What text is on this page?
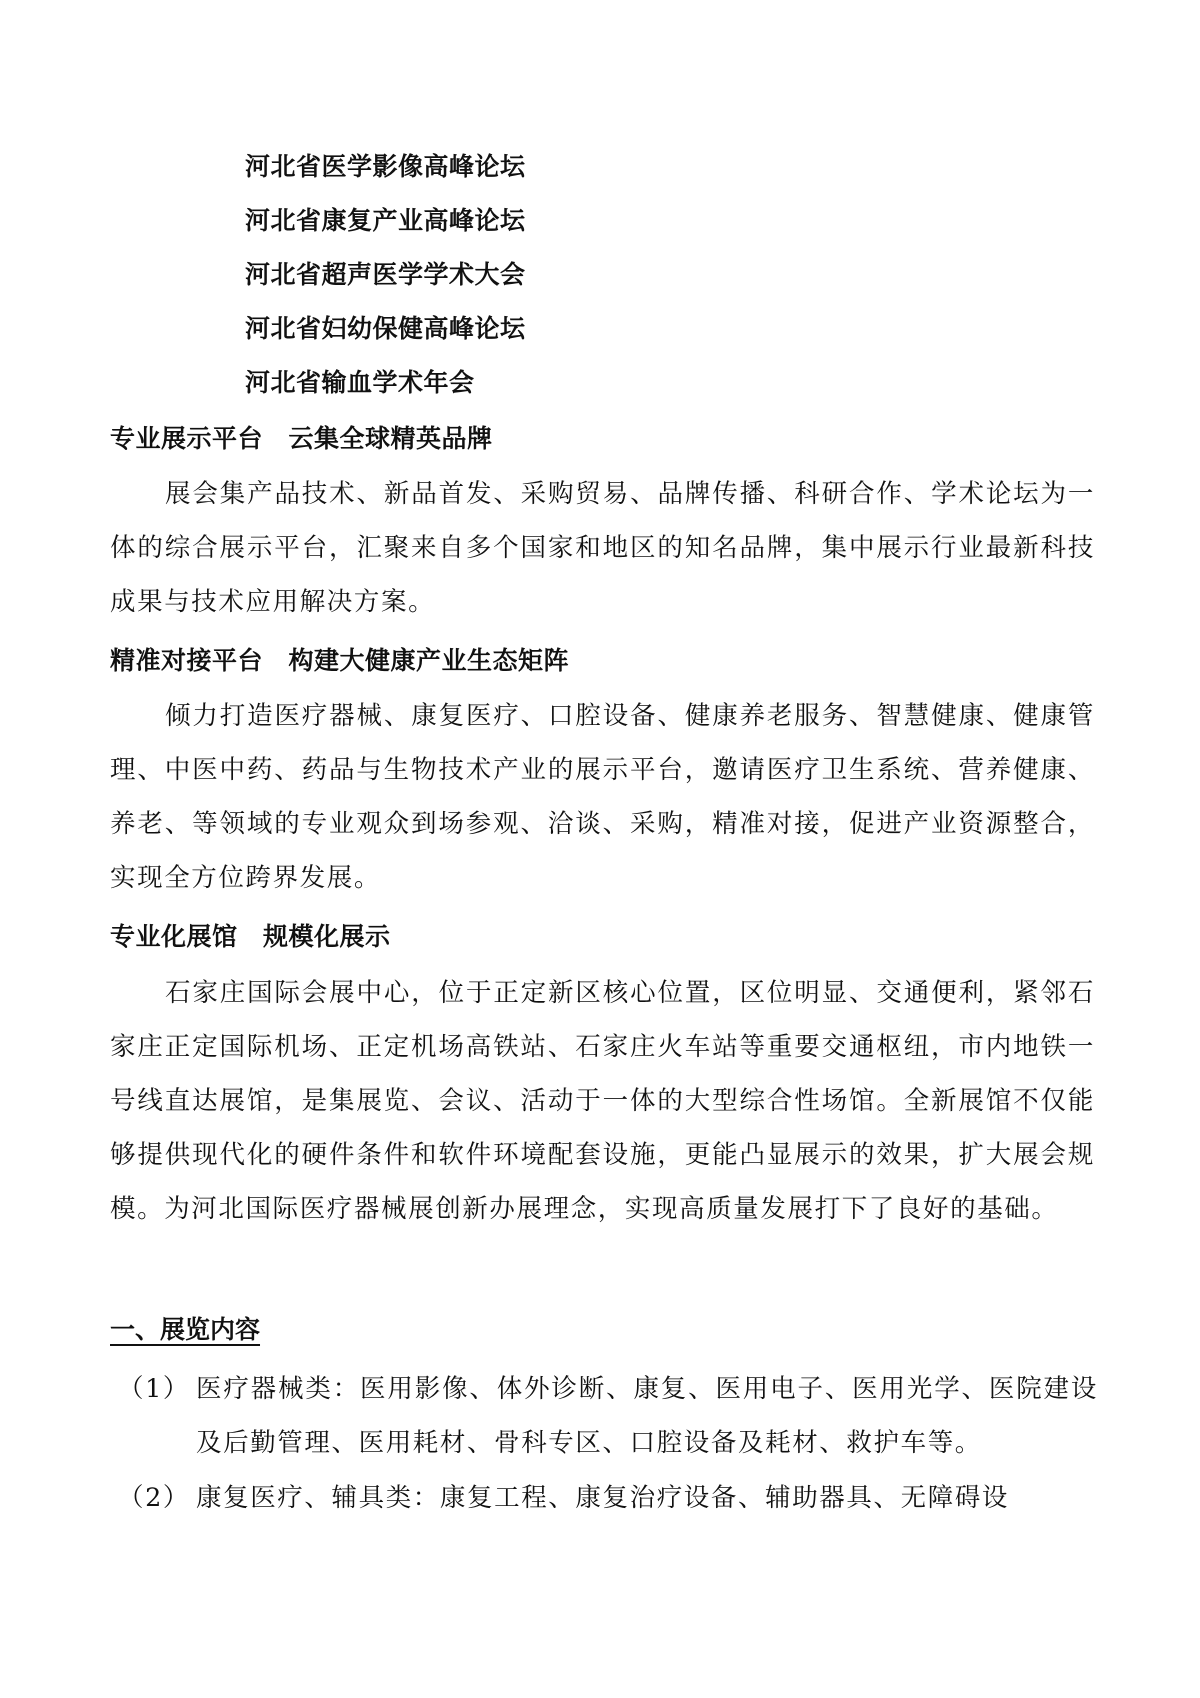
河北省医学影像高峰论坛
河北省康复产业高峰论坛
河北省超声医学学术大会
河北省妇幼保健高峰论坛
河北省输血学术年会
专业展示平台　云集全球精英品牌

展会集产品技术、新品首发、采购贸易、品牌传播、科研合作、学术论坛为一体的综合展示平台，汇聚来自多个国家和地区的知名品牌，集中展示行业最新科技成果与技术应用解决方案。

精准对接平台　构建大健康产业生态矩阵

倾力打造医疗器械、康复医疗、口腔设备、健康养老服务、智慧健康、健康管理、中医中药、药品与生物技术产业的展示平台，邀请医疗卫生系统、营养健康、养老、等领域的专业观众到场参观、洽谈、采购，精准对接，促进产业资源整合，实现全方位跨界发展。

专业化展馆　规模化展示

石家庄国际会展中心，位于正定新区核心位置，区位明显、交通便利，紧邻石家庄正定国际机场、正定机场高铁站、石家庄火车站等重要交通枢纽，市内地铁一号线直达展馆，是集展览、会议、活动于一体的大型综合性场馆。全新展馆不仅能够提供现代化的硬件条件和软件环境配套设施，更能凸显展示的效果，扩大展会规模。为河北国际医疗器械展创新办展理念，实现高质量发展打下了良好的基础。

一、展览内容
（1） 医疗器械类：医用影像、体外诊断、康复、医用电子、医用光学、医院建设及后勤管理、医用耗材、骨科专区、口腔设备及耗材、救护车等。
（2） 康复医疗、辅具类：康复工程、康复治疗设备、辅助器具、无障碍设
